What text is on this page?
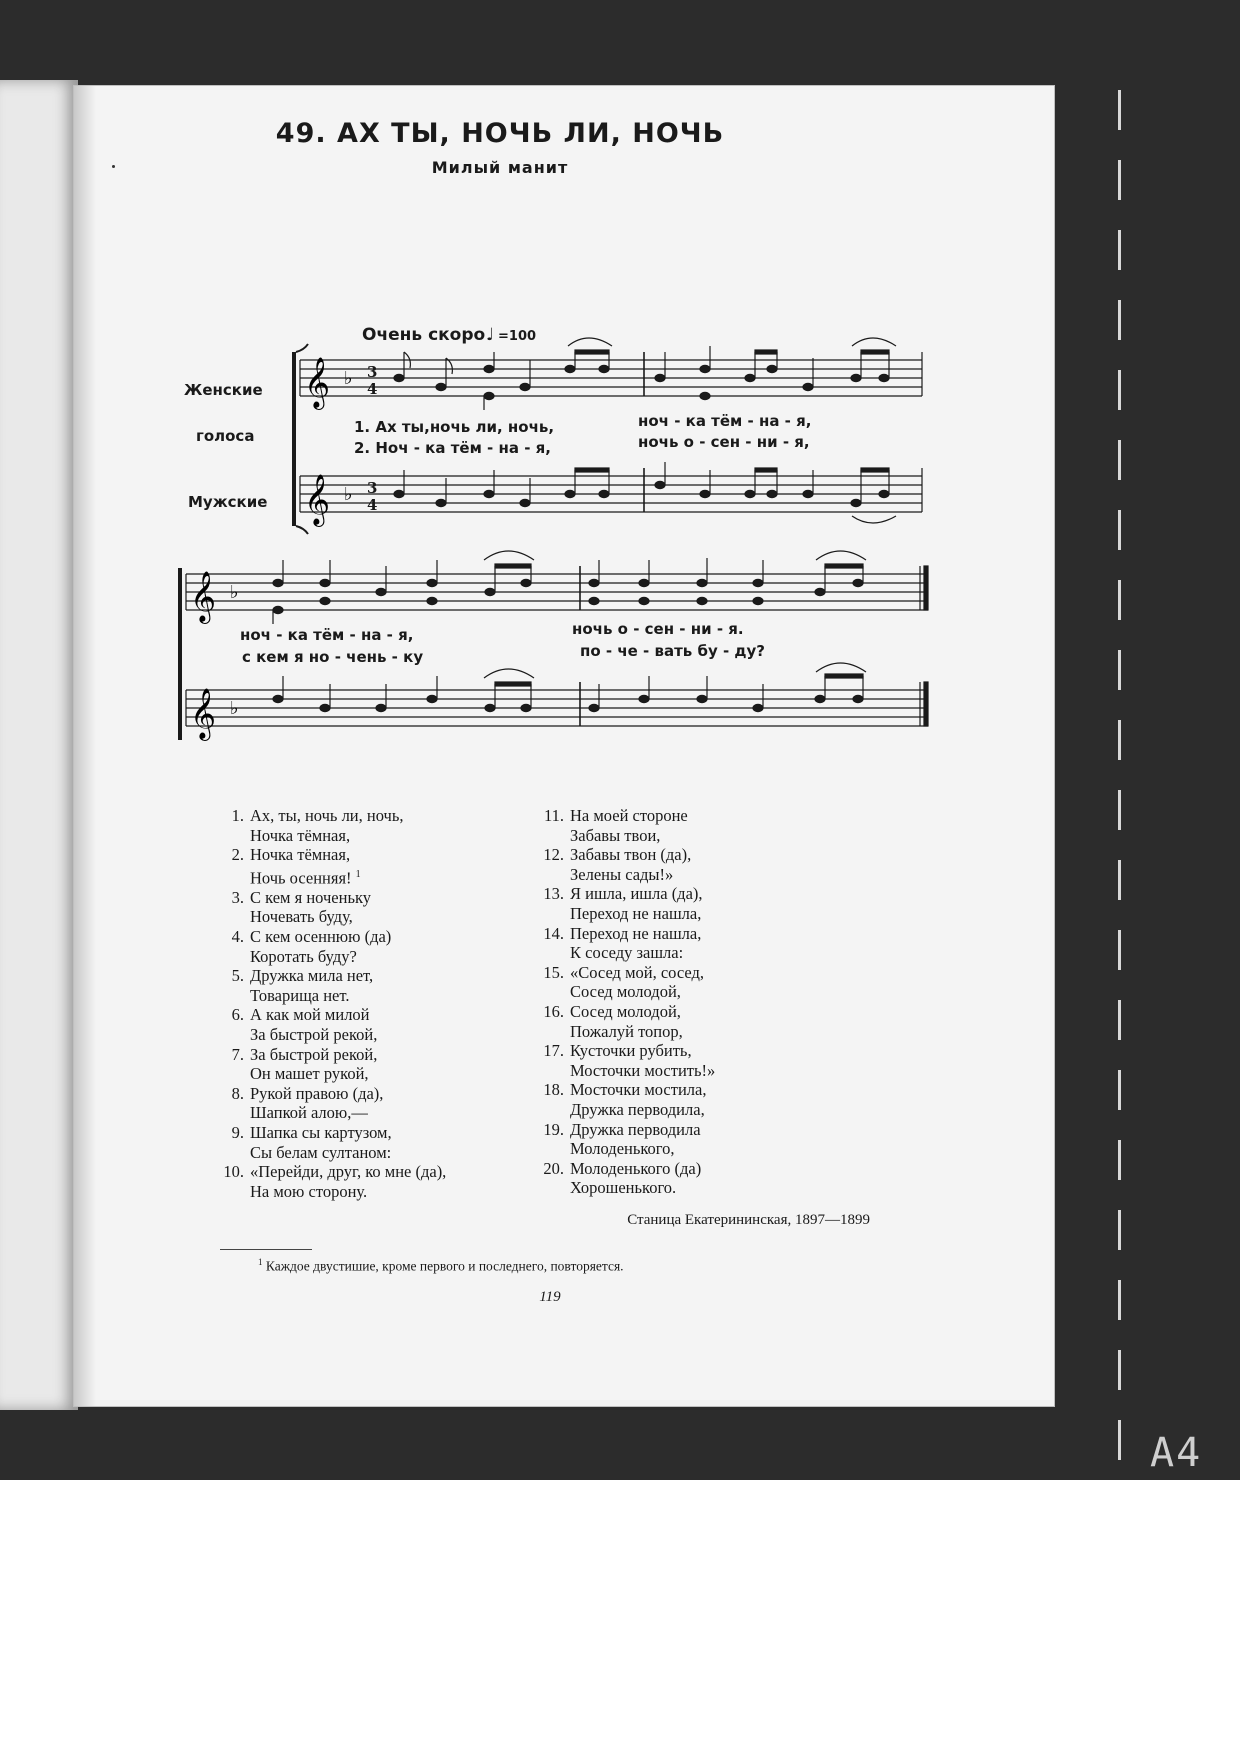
A4
49. АХ ТЫ, НОЧЬ ЛИ, НОЧЬ
Милый манит
Очень скоро ♩ =100
Женские
голоса
Мужские
𝄞 ♭ 3
4
𝄞 ♭ 3
4
1. Ах ты,ночь ли, ночь,	ноч - ка тём - на - я,
2. Ноч - ка тём - на - я,	ночь о - сен - ни - я,
𝄞 ♭
ноч - ка тём - на - я,	ночь о - сен - ни - я.
с кем я но - чень - ку	по - че - вать бу - ду?
𝄞 ♭
1. Ах, ты, ночь ли, ночь,
Ночка тёмная,
2. Ночка тёмная,
Ночь осенняя! $^1$
3. С кем я ноченьку
Ночевать буду,
4. С кем осеннюю (да)
Коротать буду?
5. Дружка мила нет,
Товарища нет.
6. А как мой милой
За быстрой рекой,
7. За быстрой рекой,
Он машет рукой,
8. Рукой правою (да),
Шапкой алою,—
9. Шапка сы картузом,
Сы белам султаном:
10. «Перейди, друг, ко мне (да),
На мою сторону.
11. На моей стороне
Забавы твои,
12. Забавы твон (да),
Зелены сады!»
13. Я ишла, ишла (да),
Переход не нашла,
14. Переход не нашла,
К соседу зашла:
15. «Сосед мой, сосед,
Сосед молодой,
16. Сосед молодой,
Пожалуй топор,
17. Кусточки рубить,
Мосточки мостить!»
18. Мосточки мостила,
Дружка перводила,
19. Дружка перводила
Молоденького,
20. Молоденького (да)
Хорошенького.
Станица Екатерининская, 1897—1899
$^1$ Каждое двустишие, кроме первого и последнего, повторяется.
119
